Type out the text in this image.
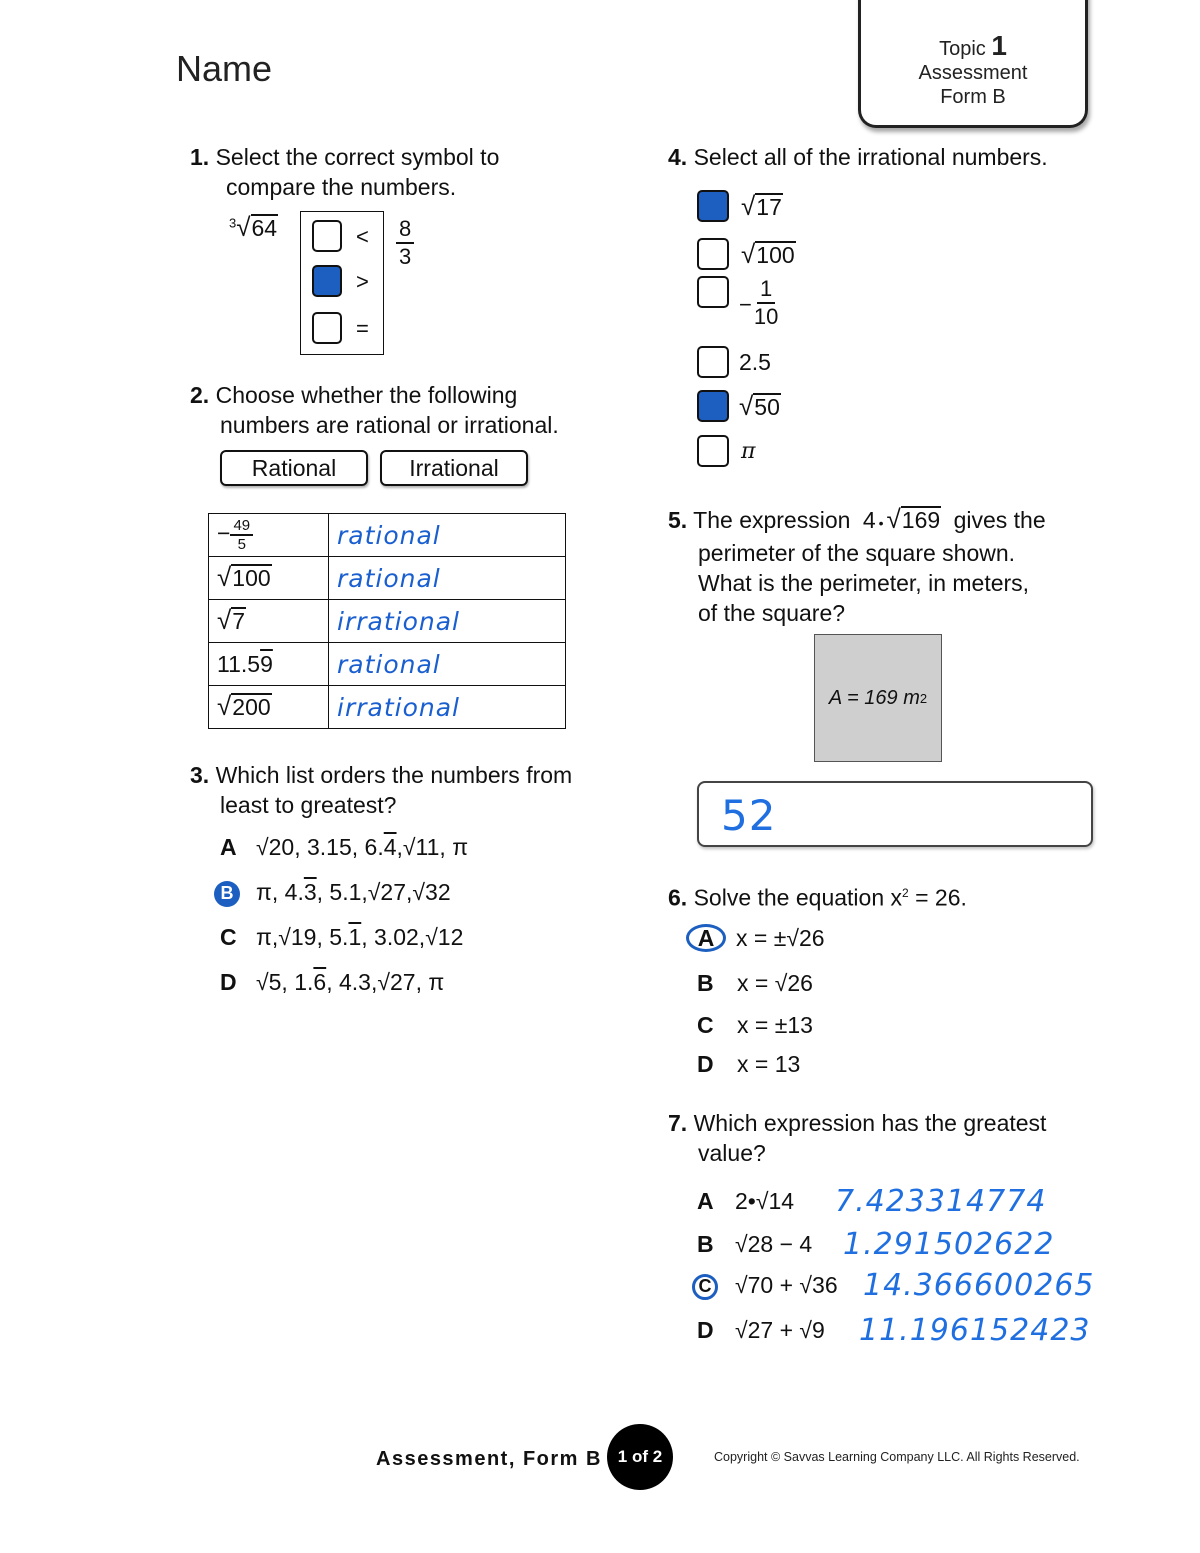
Name	Topic 1
Assessment
Form B
1. Select the correct symbol to
compare the numbers.
$^3$ √ 64	<
>
=
$\frac{8}{3}$
2. Choose whether the following
numbers are rational or irrational.
Rational	Irrational
− $\frac{49}{5}$	rational

√ 100	rational

√ 7	irrational
11.59	rational

√ 200	irrational
3. Which list orders the numbers from
least to greatest?
A √20 , 3.15, 6. 4 , √11 , π
B π, 4. 3 , 5.1, √27 , √32
C π, √19 , 5. 1 , 3.02, √12
D √5 , 1. 6 , 4.3, √27 , π
4. Select all of the irrational numbers.
√ 17
√ 100
− $\frac{1}{10}$
2.5
√ 50
π
5. The expression 4 • √ 169 gives the
perimeter of the square shown.
What is the perimeter, in meters,
of the square?
A = 169 m 2
52
6. Solve the equation $x^2 = 26$.
A x = ±√26
B	x = √26
C	x = ±13
D	x = 13
7. Which expression has the greatest
value?
A 2•√14	7.423314774
B √28 − 4	1.291502622
C	√70 + √36 14.366600265
D √27 + √9	11.196152423
Assessment, Form B 1 of 2	Copyright © Savvas Learning Company LLC. All Rights Reserved.
